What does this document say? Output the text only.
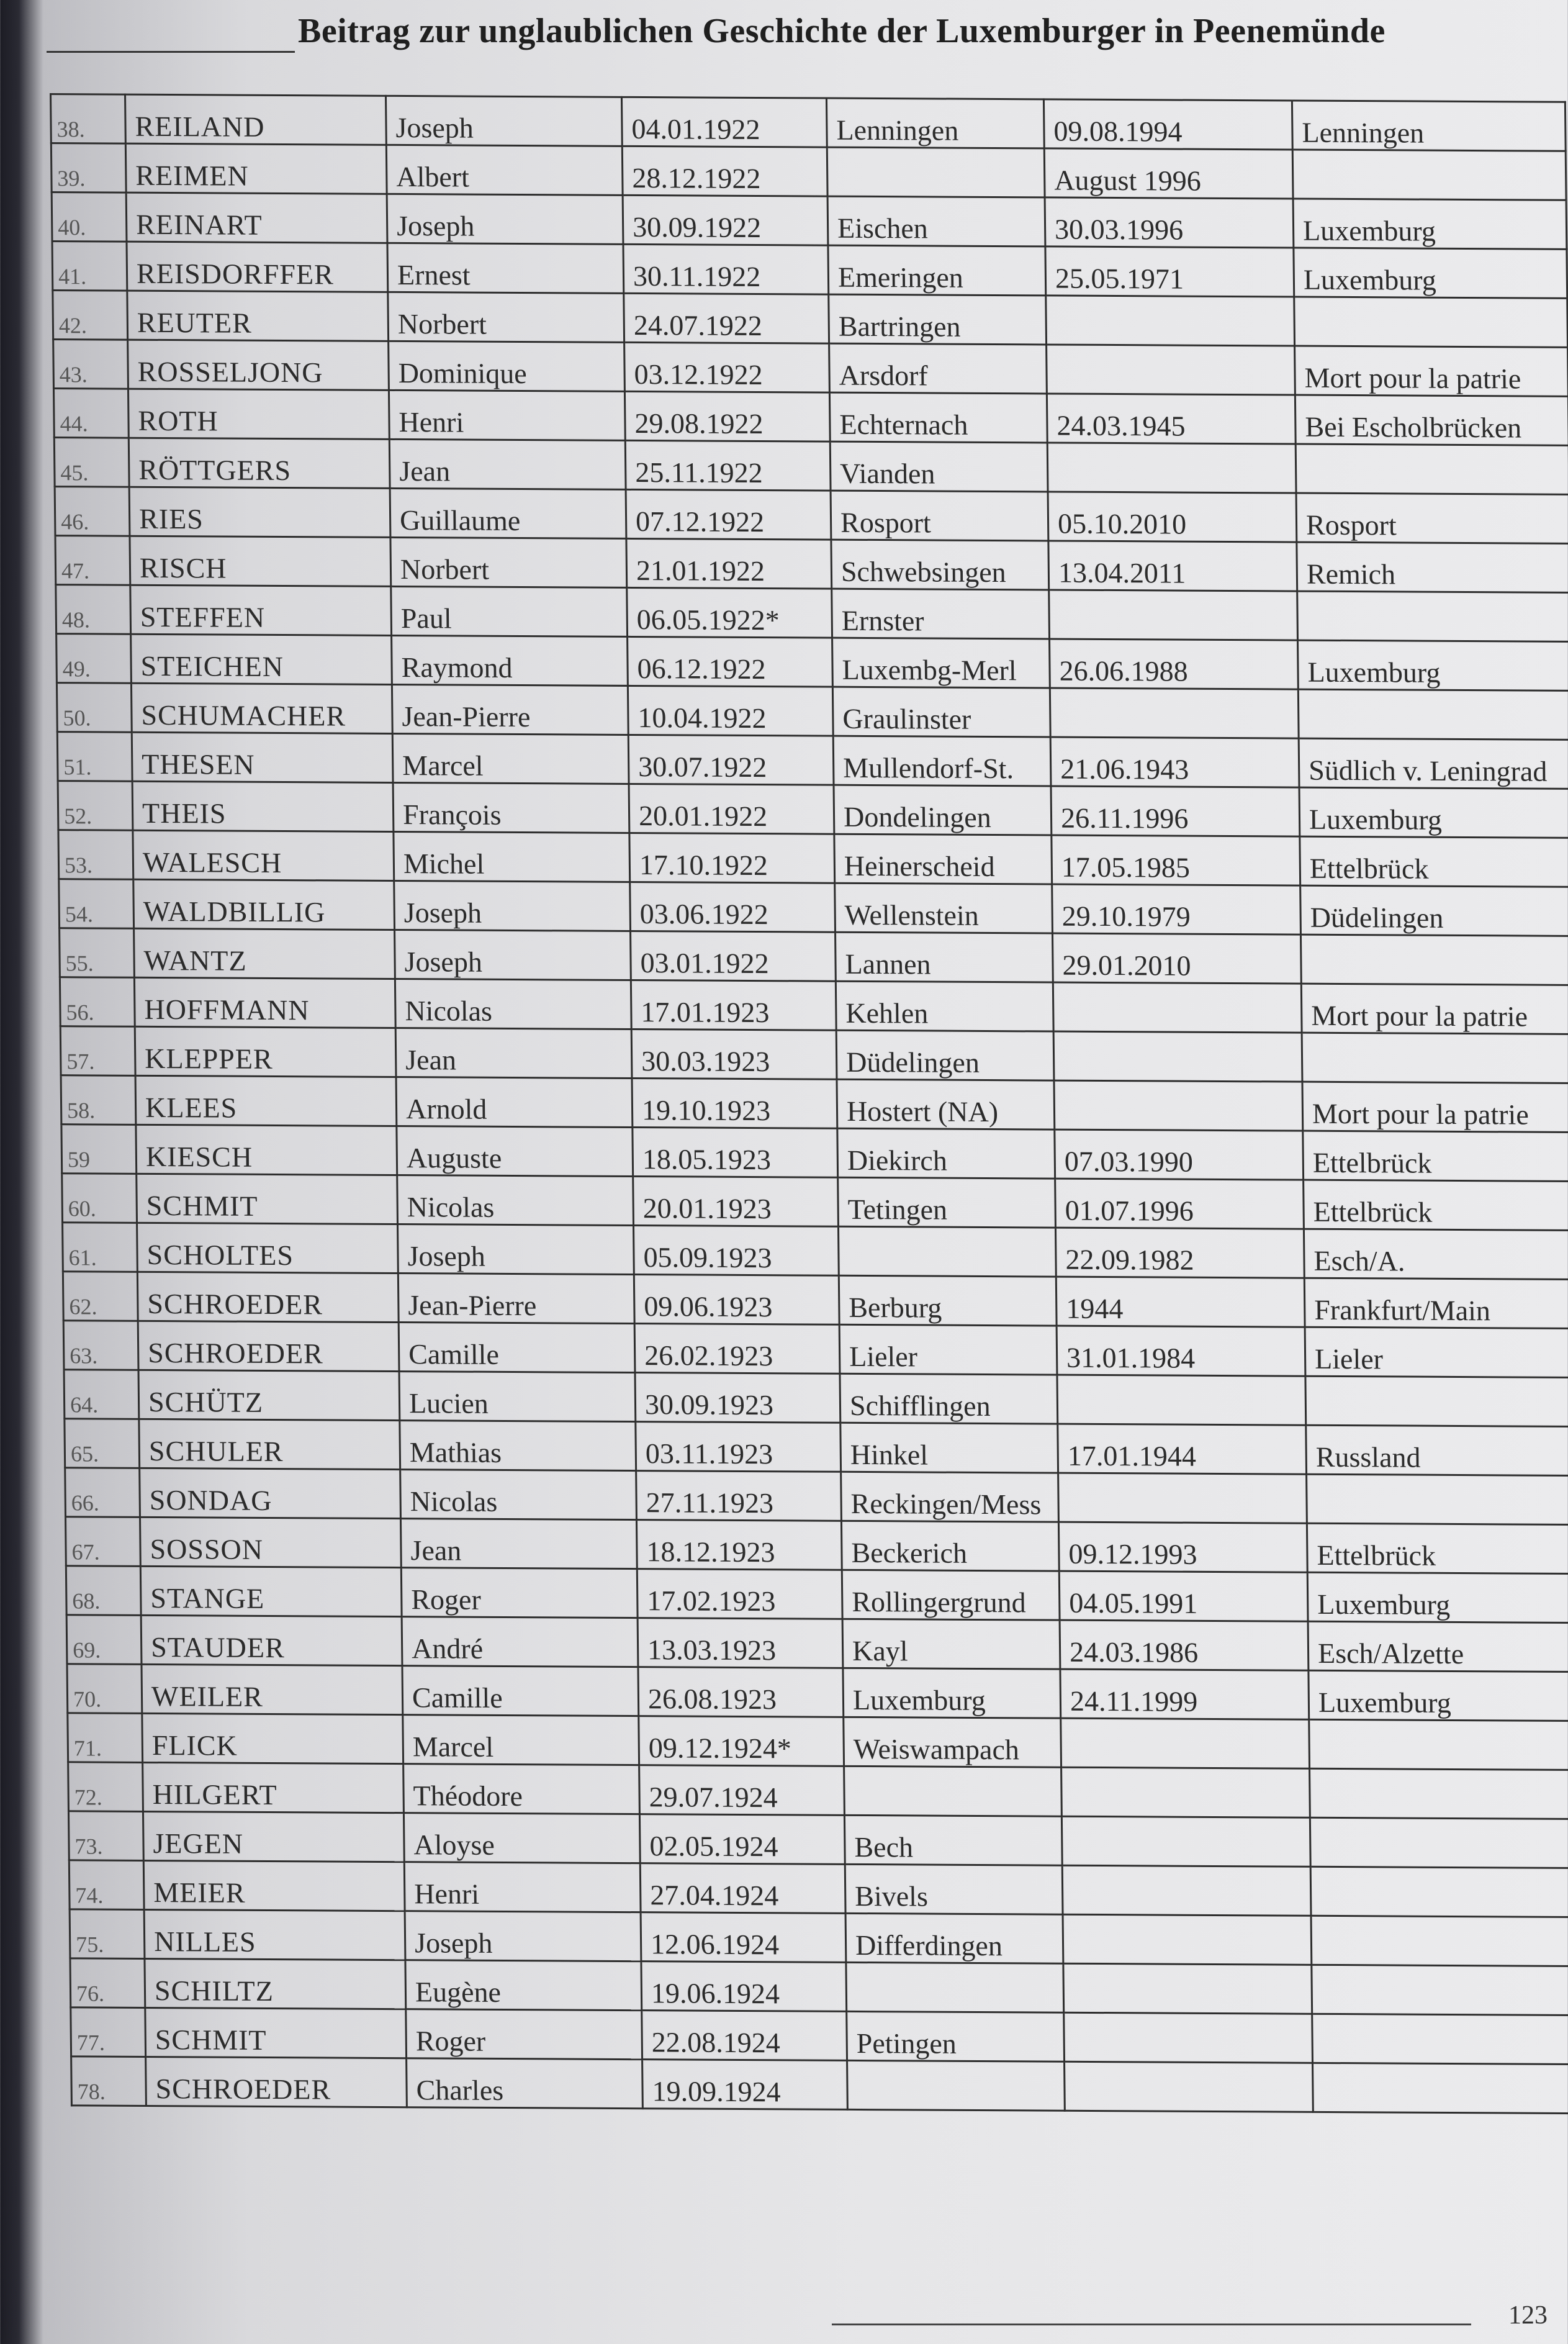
Beitrag zur unglaublichen Geschichte der Luxemburger in Peenemünde
38.	REILAND	Joseph	04.01.1922	Lenningen	09.08.1994	Lenningen
39.	REIMEN	Albert	28.12.1922		August 1996	
40.	REINART	Joseph	30.09.1922	Eischen	30.03.1996	Luxemburg
41.	REISDORFFER	Ernest	30.11.1922	Emeringen	25.05.1971	Luxemburg
42.	REUTER	Norbert	24.07.1922	Bartringen		
43.	ROSSELJONG	Dominique	03.12.1922	Arsdorf		Mort pour la patrie
44.	ROTH	Henri	29.08.1922	Echternach	24.03.1945	Bei Escholbrücken
45.	RÖTTGERS	Jean	25.11.1922	Vianden		
46.	RIES	Guillaume	07.12.1922	Rosport	05.10.2010	Rosport
47.	RISCH	Norbert	21.01.1922	Schwebsingen	13.04.2011	Remich
48.	STEFFEN	Paul	06.05.1922*	Ernster		
49.	STEICHEN	Raymond	06.12.1922	Luxembg-Merl	26.06.1988	Luxemburg
50.	SCHUMACHER	Jean-Pierre	10.04.1922	Graulinster		
51.	THESEN	Marcel	30.07.1922	Mullendorf-St.	21.06.1943	Südlich v. Leningrad
52.	THEIS	François	20.01.1922	Dondelingen	26.11.1996	Luxemburg
53.	WALESCH	Michel	17.10.1922	Heinerscheid	17.05.1985	Ettelbrück
54.	WALDBILLIG	Joseph	03.06.1922	Wellenstein	29.10.1979	Düdelingen
55.	WANTZ	Joseph	03.01.1922	Lannen	29.01.2010	
56.	HOFFMANN	Nicolas	17.01.1923	Kehlen		Mort pour la patrie
57.	KLEPPER	Jean	30.03.1923	Düdelingen		
58.	KLEES	Arnold	19.10.1923	Hostert (NA)		Mort pour la patrie
59	KIESCH	Auguste	18.05.1923	Diekirch	07.03.1990	Ettelbrück
60.	SCHMIT	Nicolas	20.01.1923	Tetingen	01.07.1996	Ettelbrück
61.	SCHOLTES	Joseph	05.09.1923		22.09.1982	Esch/A.
62.	SCHROEDER	Jean-Pierre	09.06.1923	Berburg	1944	Frankfurt/Main
63.	SCHROEDER	Camille	26.02.1923	Lieler	31.01.1984	Lieler
64.	SCHÜTZ	Lucien	30.09.1923	Schifflingen		
65.	SCHULER	Mathias	03.11.1923	Hinkel	17.01.1944	Russland
66.	SONDAG	Nicolas	27.11.1923	Reckingen/Mess		
67.	SOSSON	Jean	18.12.1923	Beckerich	09.12.1993	Ettelbrück
68.	STANGE	Roger	17.02.1923	Rollingergrund	04.05.1991	Luxemburg
69.	STAUDER	André	13.03.1923	Kayl	24.03.1986	Esch/Alzette
70.	WEILER	Camille	26.08.1923	Luxemburg	24.11.1999	Luxemburg
71.	FLICK	Marcel	09.12.1924*	Weiswampach		
72.	HILGERT	Théodore	29.07.1924			
73.	JEGEN	Aloyse	02.05.1924	Bech		
74.	MEIER	Henri	27.04.1924	Bivels		
75.	NILLES	Joseph	12.06.1924	Differdingen		
76.	SCHILTZ	Eugène	19.06.1924			
77.	SCHMIT	Roger	22.08.1924	Petingen		
78.	SCHROEDER	Charles	19.09.1924			
123
